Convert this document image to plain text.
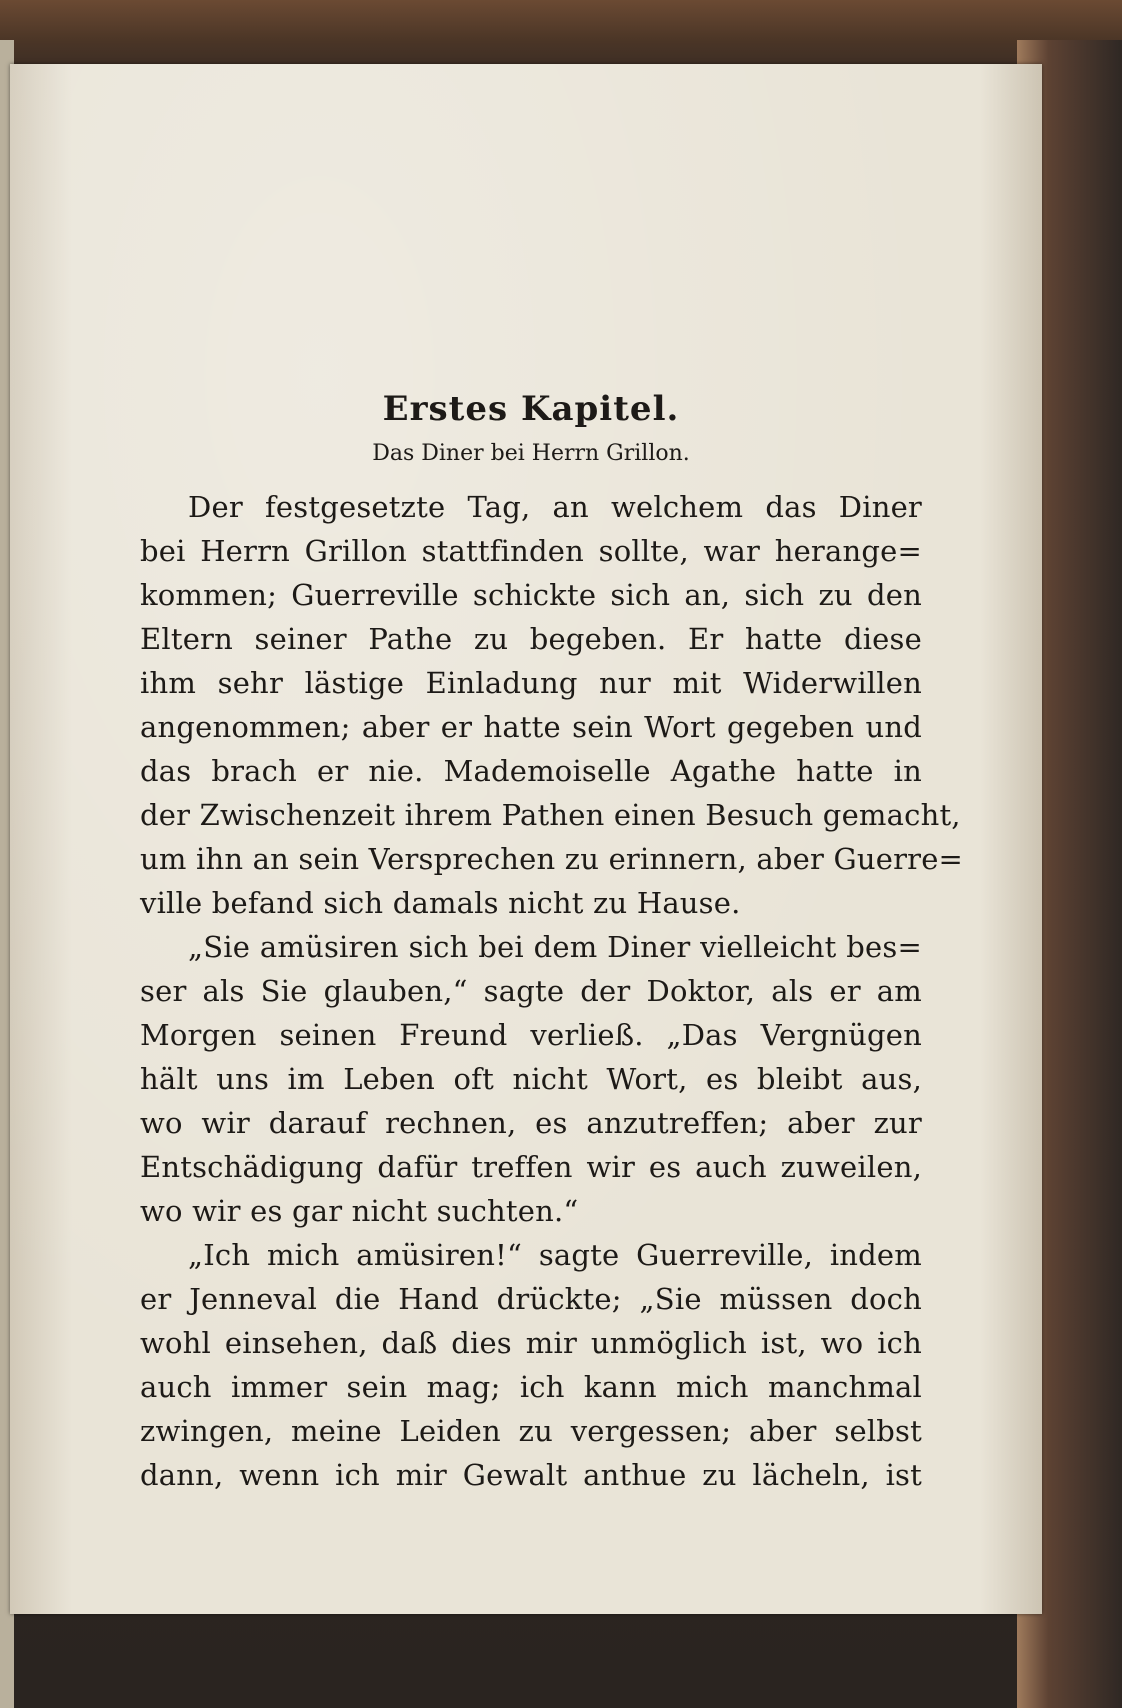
Erstes Kapitel.
Das Diner bei Herrn Grillon.
Der festgesetzte Tag, an welchem das Diner
bei Herrn Grillon stattfinden sollte, war herange=
kommen; Guerreville schickte sich an, sich zu den
Eltern seiner Pathe zu begeben. Er hatte diese
ihm sehr lästige Einladung nur mit Widerwillen
angenommen; aber er hatte sein Wort gegeben und
das brach er nie. Mademoiselle Agathe hatte in
der Zwischenzeit ihrem Pathen einen Besuch gemacht,
um ihn an sein Versprechen zu erinnern, aber Guerre=
ville befand sich damals nicht zu Hause.
„Sie amüsiren sich bei dem Diner vielleicht bes=
ser als Sie glauben,“ sagte der Doktor, als er am
Morgen seinen Freund verließ. „Das Vergnügen
hält uns im Leben oft nicht Wort, es bleibt aus,
wo wir darauf rechnen, es anzutreffen; aber zur
Entschädigung dafür treffen wir es auch zuweilen,
wo wir es gar nicht suchten.“
„Ich mich amüsiren!“ sagte Guerreville, indem
er Jenneval die Hand drückte; „Sie müssen doch
wohl einsehen, daß dies mir unmöglich ist, wo ich
auch immer sein mag; ich kann mich manchmal
zwingen, meine Leiden zu vergessen; aber selbst
dann, wenn ich mir Gewalt anthue zu lächeln, ist
